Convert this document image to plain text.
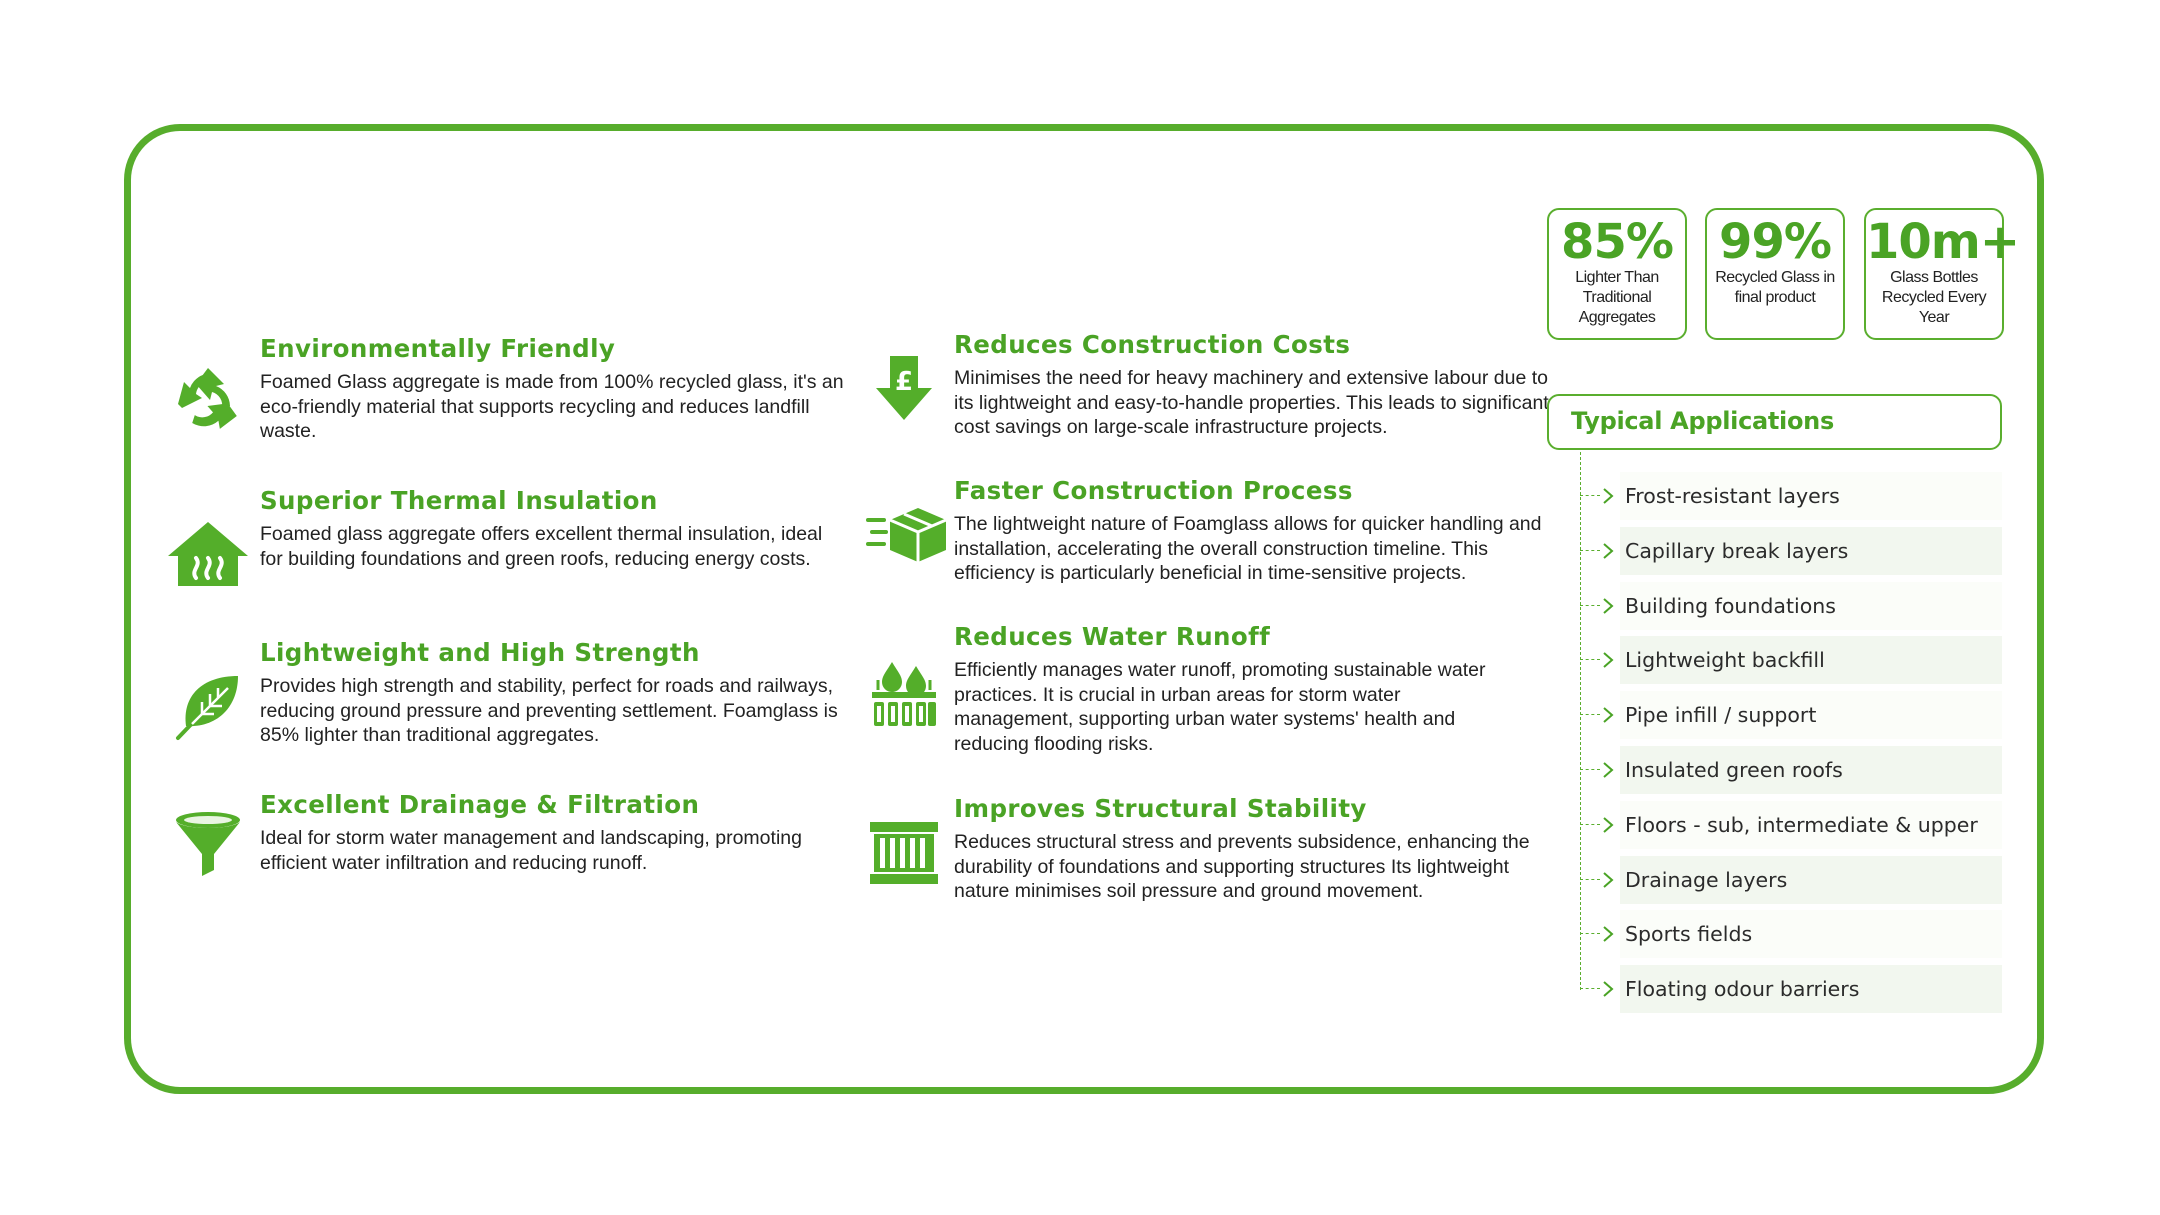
Environmentally Friendly
Foamed Glass aggregate is made from 100% recycled glass, it's an eco-friendly material that supports recycling and reduces landfill waste.
Superior Thermal Insulation
Foamed glass aggregate offers excellent thermal insulation, ideal for building foundations and green roofs, reducing energy costs.
Lightweight and High Strength
Provides high strength and stability, perfect for roads and railways, reducing ground pressure and preventing settlement. Foamglass is 85% lighter than traditional aggregates.
Excellent Drainage & Filtration
Ideal for storm water management and landscaping, promoting efficient water infiltration and reducing runoff.
£
Reduces Construction Costs
Minimises the need for heavy machinery and extensive labour due to its lightweight and easy-to-handle properties. This leads to significant cost savings on large-scale infrastructure projects.
Faster Construction Process
The lightweight nature of Foamglass allows for quicker handling and installation, accelerating the overall construction timeline. This efficiency is particularly beneficial in time-sensitive projects.
Reduces Water Runoff
Efficiently manages water runoff, promoting sustainable water practices. It is crucial in urban areas for storm water management, supporting urban water systems' health and reducing flooding risks.
Improves Structural Stability
Reduces structural stress and prevents subsidence, enhancing the durability of foundations and supporting structures Its lightweight nature minimises soil pressure and ground movement.
85%
Lighter Than Traditional Aggregates
99%
Recycled Glass in final product
10m+
Glass Bottles Recycled Every Year
Typical Applications
Frost-resistant layers
Capillary break layers
Building foundations
Lightweight backfill
Pipe infill / support
Insulated green roofs
Floors - sub, intermediate & upper
Drainage layers
Sports fields
Floating odour barriers
